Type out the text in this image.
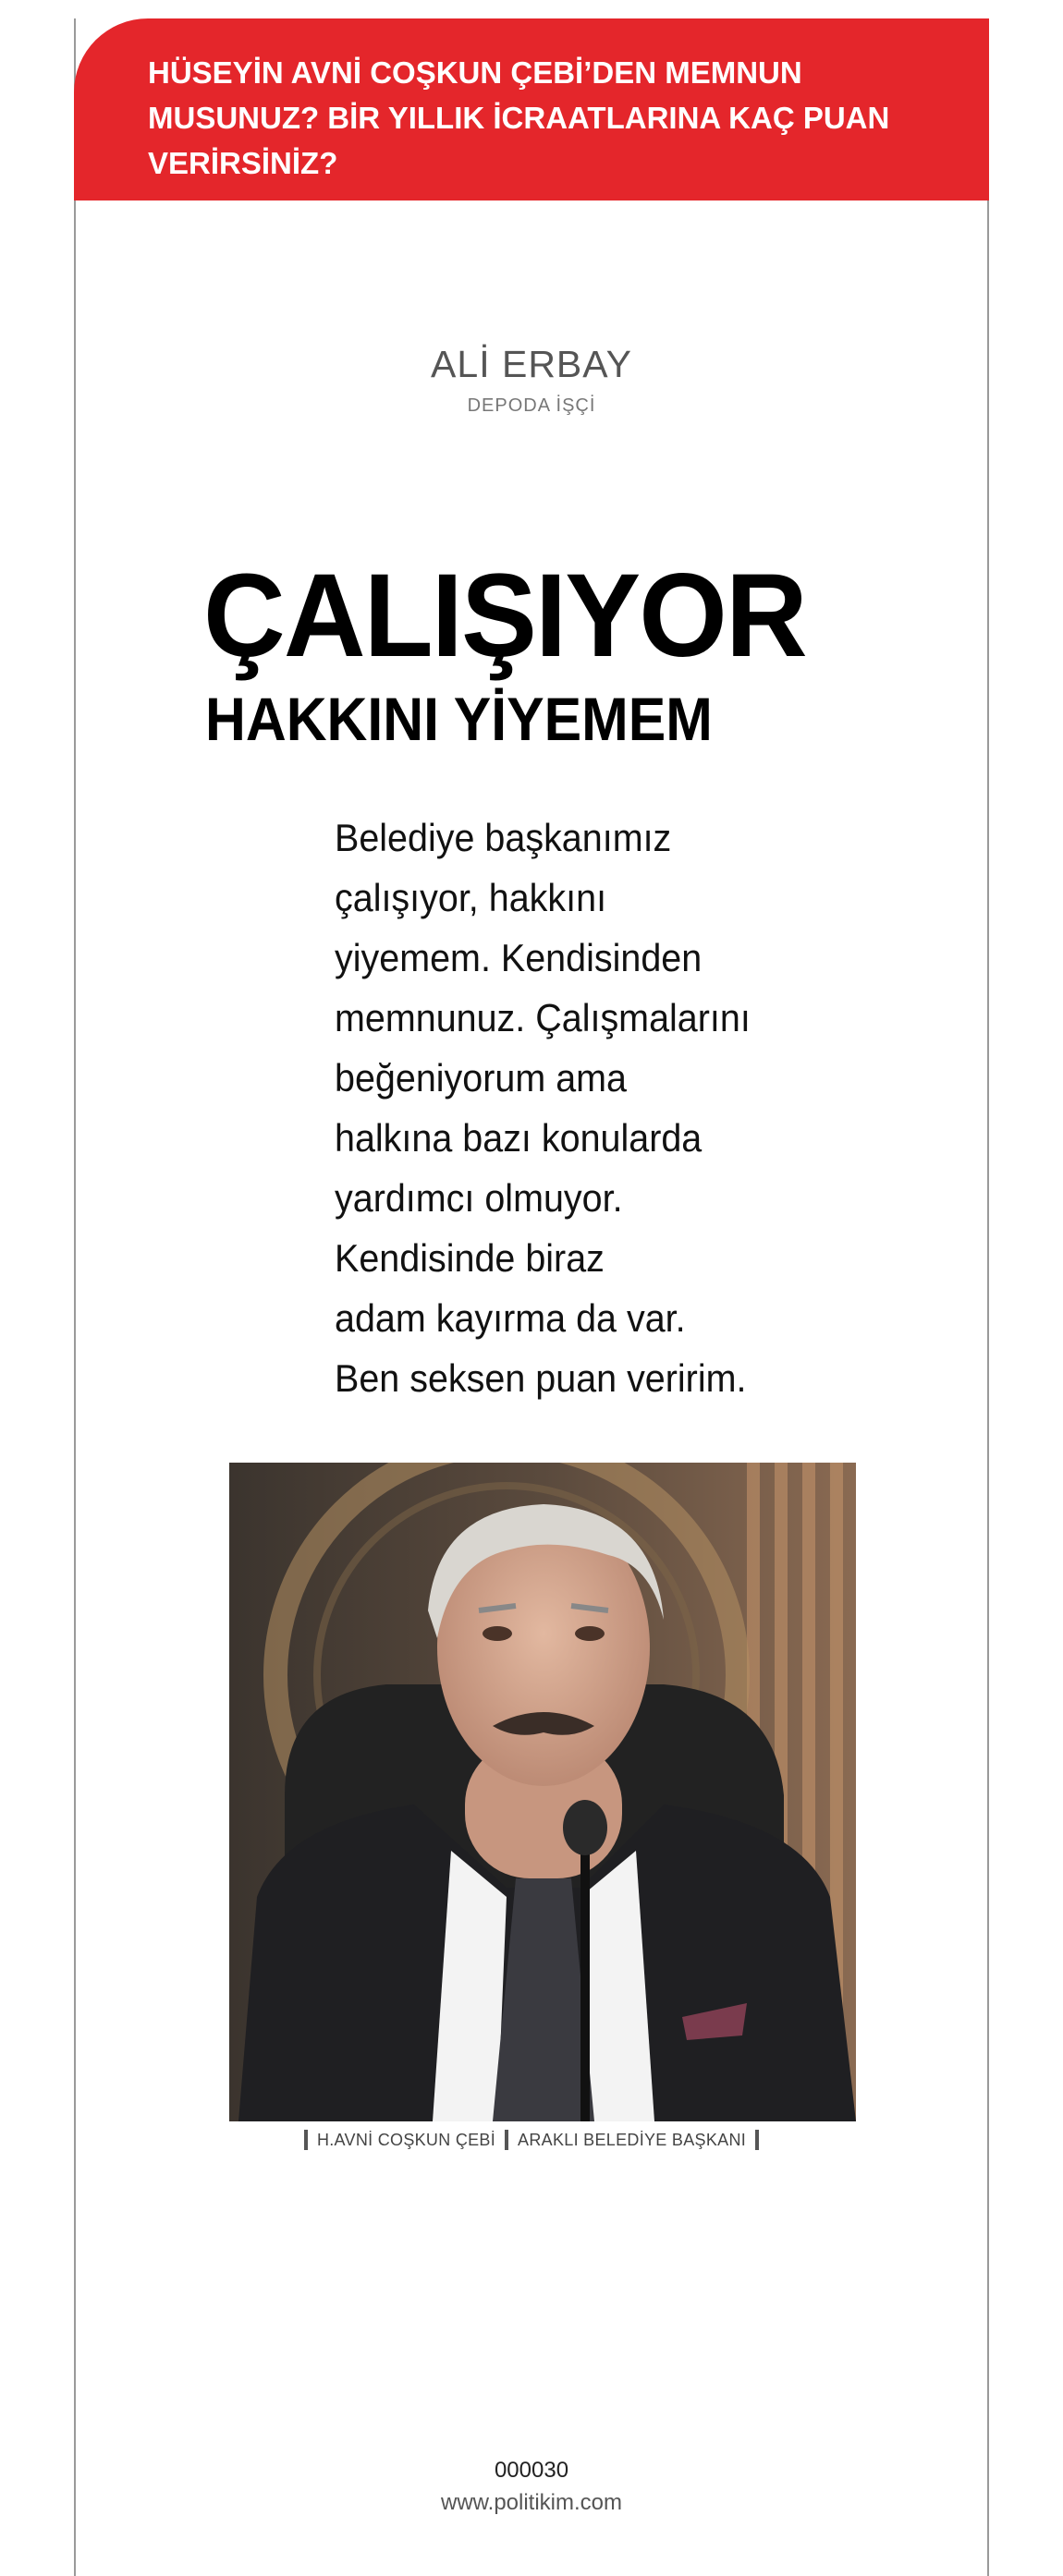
HÜSEYİN AVNİ COŞKUN ÇEBİ’DEN MEMNUN MUSUNUZ? BİR YILLIK İCRAATLARINA KAÇ PUAN VERİRSİNİZ?

ALİ ERBAY
DEPODA İŞÇİ
ÇALIŞIYOR
HAKKINI YİYEMEM

Belediye başkanımız
çalışıyor, hakkını
yiyemem. Kendisinden
memnunuz. Çalışmalarını
beğeniyorum ama
halkına bazı konularda
yardımcı olmuyor.
Kendisinde biraz
adam kayırma da var.
Ben seksen puan veririm.

H.AVNİ COŞKUN ÇEBİ ARAKLI BELEDİYE BAŞKANI
000030
www.politikim.com
